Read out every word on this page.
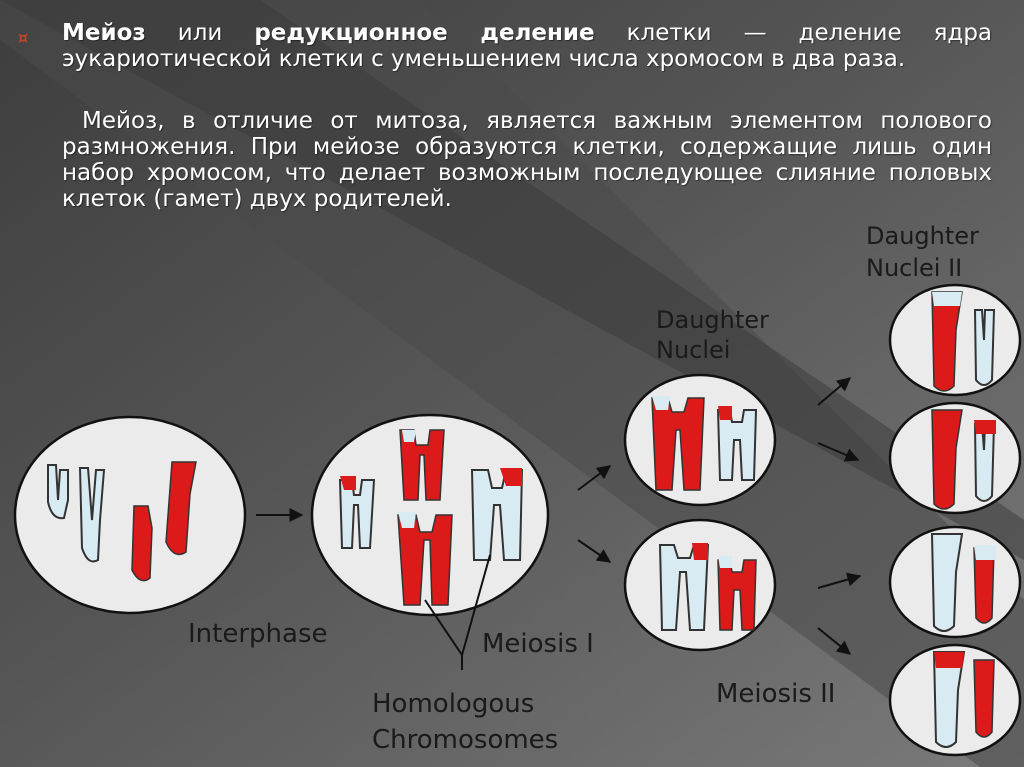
¤ Мейоз или редукционное деление клетки — деление ядра эукариотической клетки с уменьшением числа хромосом в два раза.
Мейоз, в отличие от митоза, является важным элементом полового размножения. При мейозе образуются клетки, содержащие лишь один набор хромосом, что делает возможным последующее слияние половых клеток (гамет) двух родителей.
Interphase	Meiosis I
Homologous
Chromosomes
Daughter
Nuclei
Meiosis II
Daughter
Nuclei II
